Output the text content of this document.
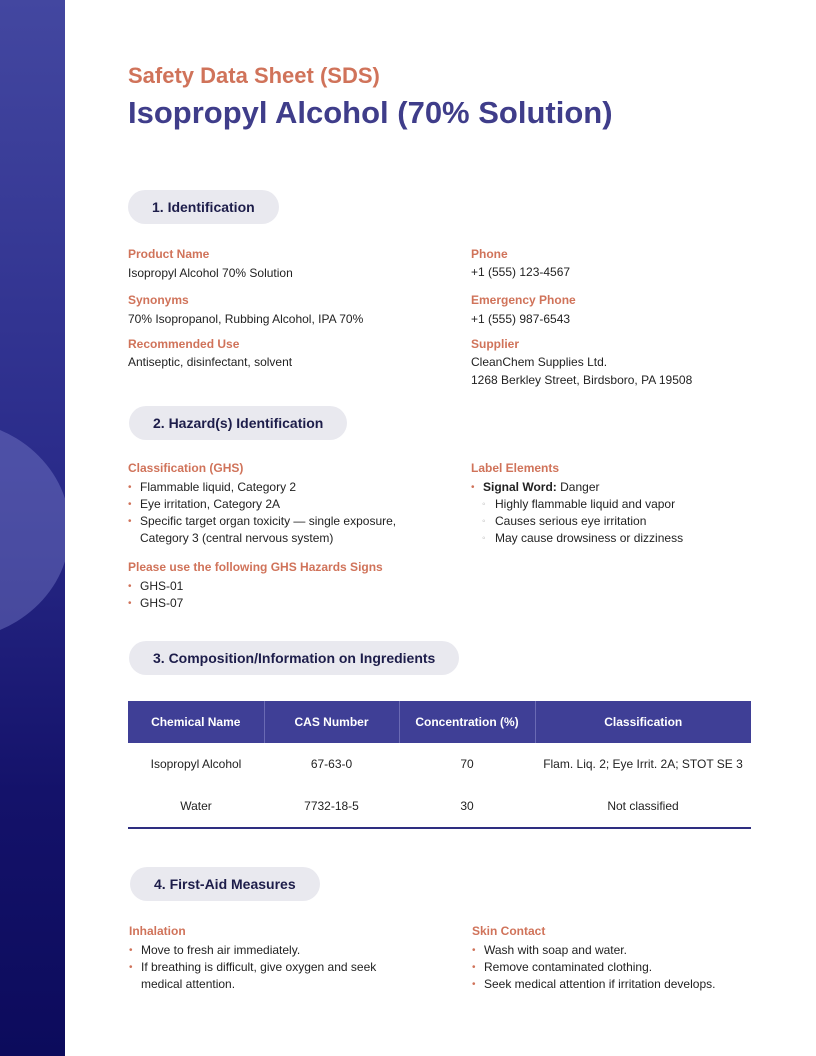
Safety Data Sheet (SDS)
Isopropyl Alcohol (70% Solution)
1. Identification
Product Name
Isopropyl Alcohol 70% Solution
Synonyms
70% Isopropanol, Rubbing Alcohol, IPA 70%
Recommended Use
Antiseptic, disinfectant, solvent
Phone
+1 (555) 123-4567
Emergency Phone
+1 (555) 987-6543
Supplier
CleanChem Supplies Ltd.
1268 Berkley Street, Birdsboro, PA 19508
2. Hazard(s) Identification
Classification (GHS)
• Flammable liquid, Category 2
• Eye irritation, Category 2A
• Specific target organ toxicity — single exposure, Category 3 (central nervous system)
Please use the following GHS Hazards Signs
• GHS-01
• GHS-07
Label Elements
• Signal Word: Danger
◦ Highly flammable liquid and vapor
◦ Causes serious eye irritation
◦ May cause drowsiness or dizziness
3. Composition/Information on Ingredients
Chemical Name	CAS Number	Concentration (%)	Classification
Isopropyl Alcohol	67-63-0	70	Flam. Liq. 2; Eye Irrit. 2A; STOT SE 3
Water	7732-18-5	30	Not classified
4. First-Aid Measures
Inhalation
• Move to fresh air immediately.
• If breathing is difficult, give oxygen and seek medical attention.
Skin Contact
• Wash with soap and water.
• Remove contaminated clothing.
• Seek medical attention if irritation develops.
